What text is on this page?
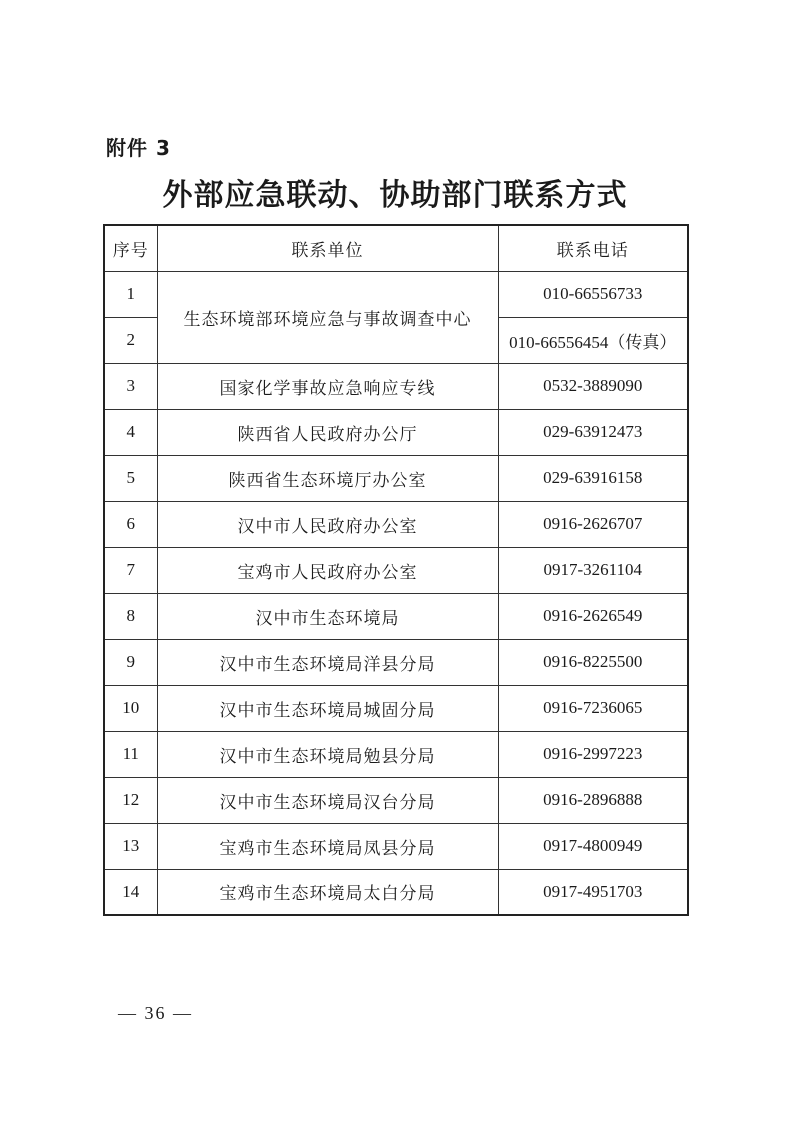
附件 3
外部应急联动、协助部门联系方式
序号	联系单位	联系电话
1	生态环境部环境应急与事故调查中心	010-66556733
2		010-66556454（传真）
3	国家化学事故应急响应专线	0532-3889090
4	陕西省人民政府办公厅	029-63912473
5	陕西省生态环境厅办公室	029-63916158
6	汉中市人民政府办公室	0916-2626707
7	宝鸡市人民政府办公室	0917-3261104
8	汉中市生态环境局	0916-2626549
9	汉中市生态环境局洋县分局	0916-8225500
10	汉中市生态环境局城固分局	0916-7236065
11	汉中市生态环境局勉县分局	0916-2997223
12	汉中市生态环境局汉台分局	0916-2896888
13	宝鸡市生态环境局凤县分局	0917-4800949
14	宝鸡市生态环境局太白分局	0917-4951703
— 36 —
